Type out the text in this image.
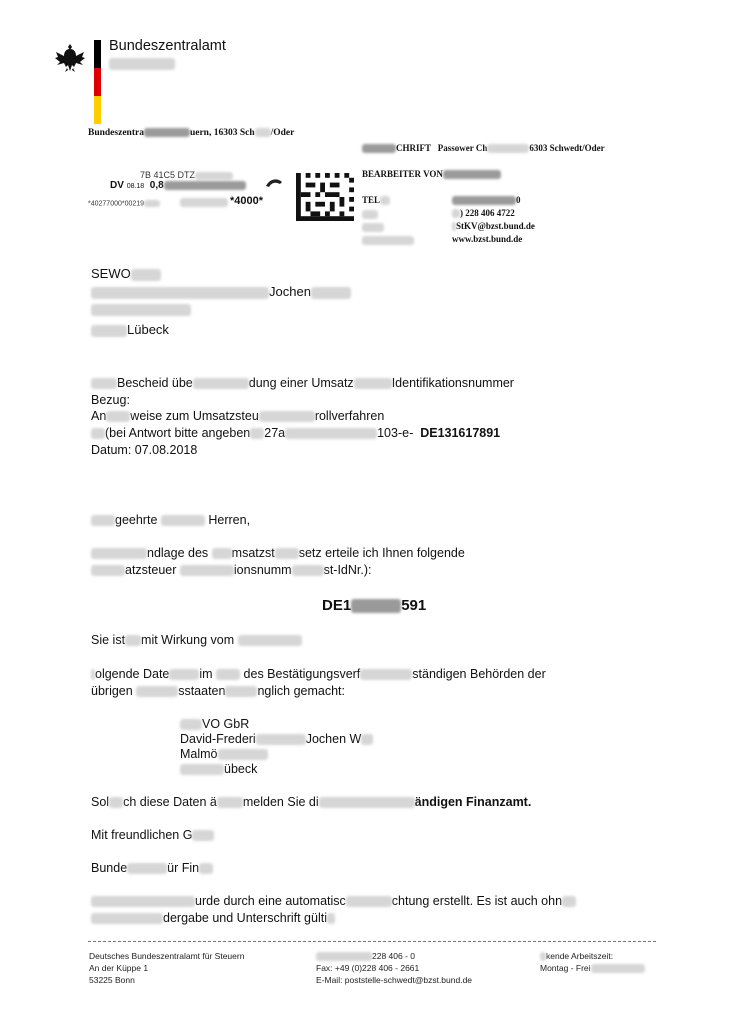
Bundeszentralamt
Bundeszentra	uern, 16303 Sch /Oder
7B 41C5 DTZ
DV 08.18 0,8
*40277000*00219	*4000*
CHRIFT Passower Ch	6303 Schwedt/Oder
BEARBEITER VON
TEL	0
) 228 406 4722
StKV@bzst.bund.de
www.bzst.bund.de
SEWO
Jochen
Lübeck
Bescheid übe	dung einer Umsatz	Identifikationsnummer
Bezug:
An weise zum Umsatzsteu	rollverfahren
(bei Antwort bitte angeben 27a	103-e- DE131617891
Datum: 07.08.2018
geehrte	Herren,
ndlage des msatzst setz erteile ich Ihnen folgende
atzsteuer	ionsnumm	st-IdNr.):
DE1	591
Sie ist mit Wirkung vom
olgende Date im des Bestätigungsverf	ständigen Behörden der
übrigen	sstaaten	nglich gemacht:
VO GbR
David-Frederi	Jochen W
Malmö
übeck
Sol ch diese Daten ä melden Sie di	ändigen Finanzamt.
Mit freundlichen G
Bunde	ür Fin
urde durch eine automatisc	chtung erstellt. Es ist auch ohn
dergabe und Unterschrift gülti
Deutsches Bundeszentralamt für Steuern
An der Küppe 1
53225 Bonn
228 406 - 0
Fax: +49 (0)228 406 - 2661
E-Mail: poststelle-schwedt@bzst.bund.de
kende Arbeitszeit:
Montag - Frei
